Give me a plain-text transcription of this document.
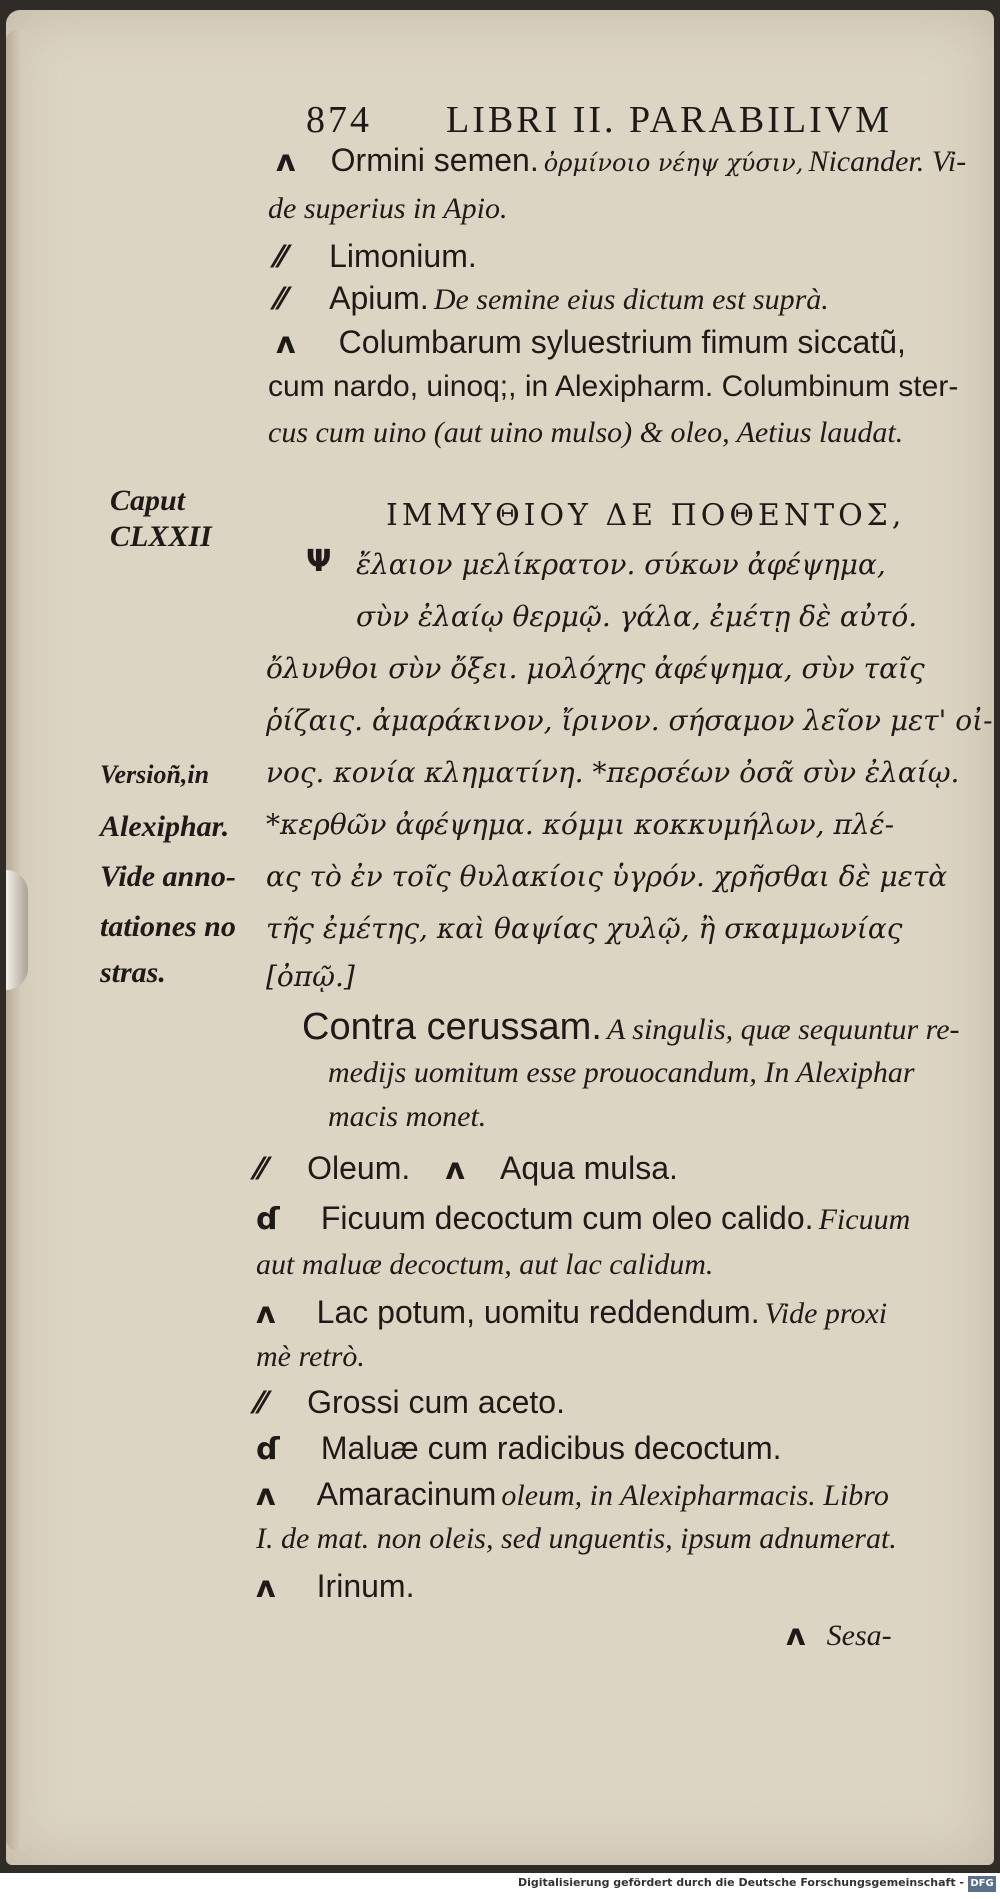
874 LIBRI II. PARABILIVM
ʌ Ormini semen. ὀρμίνοιο νέηψ χύσιν, Nicander. Vi-
de superius in Apio.
⁄⁄ Limonium.
⁄⁄ Apium. De semine eius dictum est suprà.
ʌ Columbarum syluestrium fimum siccatũ,
cum nardo, uinoq;, in Alexipharm. Columbinum ster-
cus cum uino (aut uino mulso) & oleo, Aetius laudat.
Caput
CLXXII
ΙΜΜΥΘΙΟΥ ΔΕ ΠΟΘΕΝΤΟΣ,
Ψ ἔλαιον μελίκρατον. σύκων ἀφέψημα,
σὺν ἐλαίῳ θερμῷ. γάλα, ἐμέτῃ δὲ αὐτό.
ὄλυνθοι σὺν ὄξει. μολόχης ἀφέψημα, σὺν ταῖς
ῥίζαις. ἀμαράκινον, ἴρινον. σήσαμον λεῖον μετ' οἰ-
νος. κονία κληματίνη. *περσέων ὀσᾶ σὺν ἐλαίῳ.
*κερθῶν ἀφέψημα. κόμμι κοκκυμήλων, πλέ-
ας τὸ ἐν τοῖς θυλακίοις ὑγρόν. χρῆσθαι δὲ μετὰ
τῆς ἐμέτης, καὶ θαψίας χυλῷ, ἢ σκαμμωνίας
[ὀπῷ.]
Versioñ,in
Alexiphar.
Vide anno-
tationes no
stras.
Contra cerussam. A singulis, quæ sequuntur re-
medijs uomitum esse prouocandum, In Alexiphar
macis monet.
⁄⁄ Oleum. ʌ Aqua mulsa.
ɗ Ficuum decoctum cum oleo calido. Ficuum
aut maluæ decoctum, aut lac calidum.
ʌ Lac potum, uomitu reddendum. Vide proxi
mè retrò.
⁄⁄ Grossi cum aceto.
ɗ Maluæ cum radicibus decoctum.
ʌ Amaracinum oleum, in Alexipharmacis. Libro
I. de mat. non oleis, sed unguentis, ipsum adnumerat.
ʌ Irinum.
ʌ Sesa-
Digitalisierung gefördert durch die Deutsche Forschungsgemeinschaft - DFG
